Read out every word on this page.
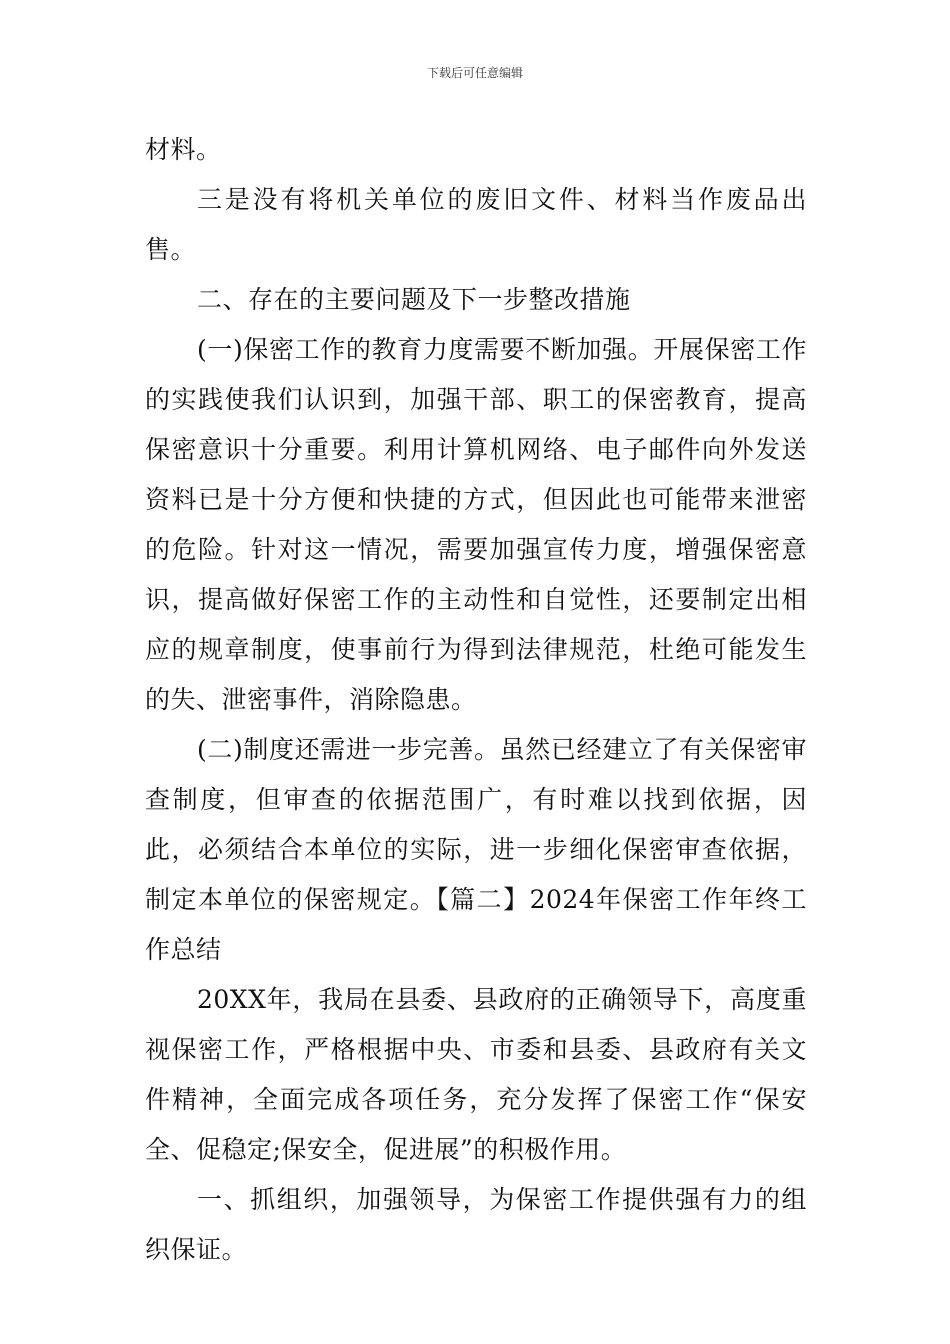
下载后可任意编辑

材料。

三是没有将机关单位的废旧文件、材料当作废品出售。

二、存在的主要问题及下一步整改措施

(一)保密工作的教育力度需要不断加强。开展保密工作的实践使我们认识到，加强干部、职工的保密教育，提高保密意识十分重要。利用计算机网络、电子邮件向外发送资料已是十分方便和快捷的方式，但因此也可能带来泄密的危险。针对这一情况，需要加强宣传力度，增强保密意识，提高做好保密工作的主动性和自觉性，还要制定出相应的规章制度，使事前行为得到法律规范，杜绝可能发生的失、泄密事件，消除隐患。

(二)制度还需进一步完善。虽然已经建立了有关保密审查制度，但审查的依据范围广，有时难以找到依据，因此，必须结合本单位的实际，进一步细化保密审查依据，制定本单位的保密规定。【篇二】2024年保密工作年终工作总结

20XX年，我局在县委、县政府的正确领导下，高度重视保密工作，严格根据中央、市委和县委、县政府有关文件精神，全面完成各项任务，充分发挥了保密工作“保安全、促稳定;保安全，促进展”的积极作用。

一、抓组织，加强领导，为保密工作提供强有力的组织保证。
